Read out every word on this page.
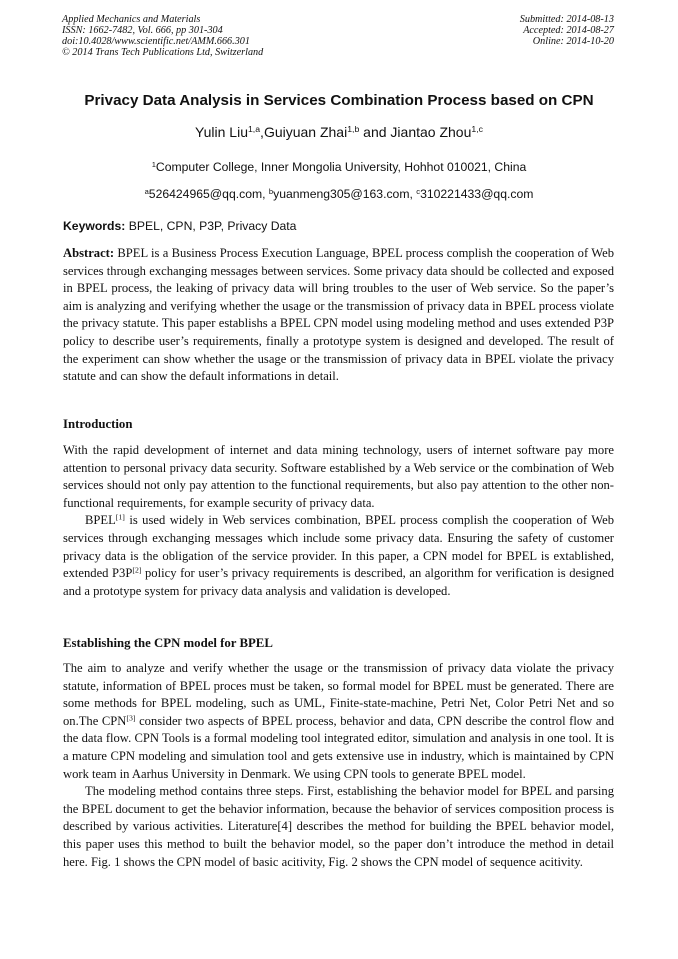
Applied Mechanics and Materials
ISSN: 1662-7482, Vol. 666, pp 301-304
doi:10.4028/www.scientific.net/AMM.666.301
© 2014 Trans Tech Publications Ltd, Switzerland
Submitted: 2014-08-13
Accepted: 2014-08-27
Online: 2014-10-20
Privacy Data Analysis in Services Combination Process based on CPN
Yulin Liu$^{1,a}$,Guiyuan Zhai$^{1,b}$ and Jiantao Zhou$^{1,c}$
$^1$Computer College, Inner Mongolia University, Hohhot 010021, China
$^a$526424965@qq.com, $^b$yuanmeng305@163.com, $^c$310221433@qq.com
Keywords: BPEL, CPN, P3P, Privacy Data

Abstract: BPEL is a Business Process Execution Language, BPEL process complish the cooperation of Web services through exchanging messages between services. Some privacy data should be collected and exposed in BPEL process, the leaking of privacy data will bring troubles to the user of Web service. So the paper’s aim is analyzing and verifying whether the usage or the transmission of privacy data in BPEL process violate the privacy statute. This paper establishs a BPEL CPN model using modeling method and uses extended P3P policy to describe user’s requirements, finally a prototype system is designed and developed. The result of the experiment can show whether the usage or the transmission of privacy data in BPEL violate the privacy statute and can show the default informations in detail.

Introduction

With the rapid development of internet and data mining technology, users of internet software pay more attention to personal privacy data security. Software established by a Web service or the combination of Web services should not only pay attention to the functional requirements, but also pay attention to the other non-functional requirements, for example security of privacy data.

BPEL[1] is used widely in Web services combination, BPEL process complish the cooperation of Web services through exchanging messages which include some privacy data. Ensuring the safety of customer privacy data is the obligation of the service provider. In this paper, a CPN model for BPEL is extablished, extended P3P[2] policy for user’s privacy requirements is described, an algorithm for verification is designed and a prototype system for privacy data analysis and validation is developed.

Establishing the CPN model for BPEL

The aim to analyze and verify whether the usage or the transmission of privacy data violate the privacy statute, information of BPEL proces must be taken, so formal model for BPEL must be generated. There are some methods for BPEL modeling, such as UML, Finite-state-machine, Petri Net, Color Petri Net and so on.The CPN[3] consider two aspects of BPEL process, behavior and data, CPN describe the control flow and the data flow. CPN Tools is a formal modeling tool integrated editor, simulation and analysis in one tool. It is a mature CPN modeling and simulation tool and gets extensive use in industry, which is maintained by CPN work team in Aarhus University in Denmark. We using CPN tools to generate BPEL model.

The modeling method contains three steps. First, establishing the behavior model for BPEL and parsing the BPEL document to get the behavior information, because the behavior of services composition process is described by various activities. Literature[4] describes the method for building the BPEL behavior model, this paper uses this method to built the behavior model, so the paper don’t introduce the method in detail here. Fig. 1 shows the CPN model of basic acitivity, Fig. 2 shows the CPN model of sequence acitivity.
